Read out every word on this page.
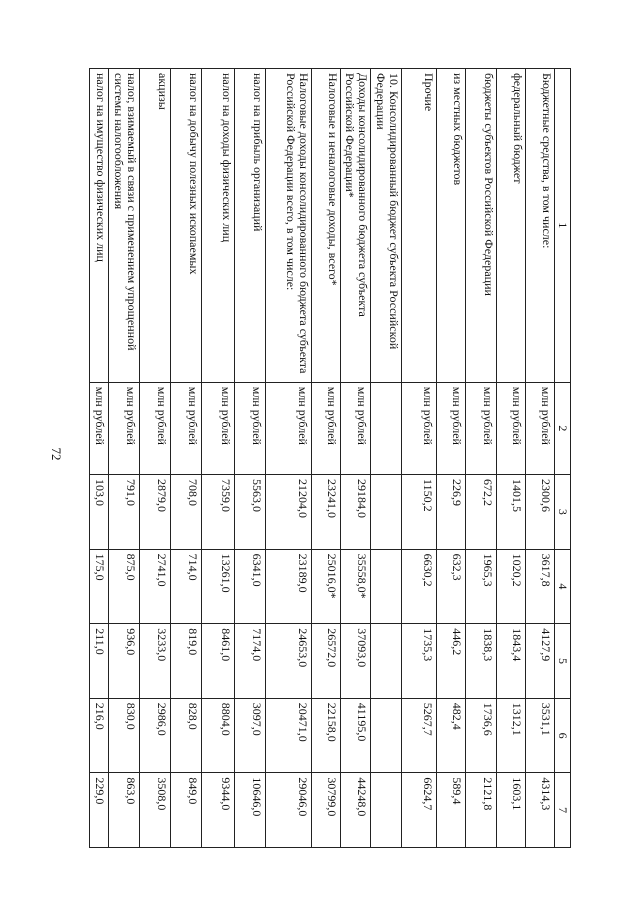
72
1	2	3	4	5	6	7
Бюджетные средства, в том числе:	млн рублей	2300,6	3617,8	4127,9	3531,1	4314,3
федеральный бюджет	млн рублей	1401,5	1020,2	1843,4	1312,1	1603,1
бюджеты субъектов Российской Федерации	млн рублей	672,2	1965,3	1838,3	1736,6	2121,8
из местных бюджетов	млн рублей	226,9	632,3	446,2	482,4	589,4
Прочие	млн рублей	1150,2	6630,2	1735,3	5267,7	6624,7
10. Консолидированный бюджет субъекта Российской Федерации						
Доходы консолидированного бюджета субъекта Российской Федерации*	млн рублей	29184,0	35558,0*	37093,0	41195,0	44248,0
Налоговые и неналоговые доходы, всего*	млн рублей	23241,0	25016,0*	26572,0	22158,0	30799,0
Налоговые доходы консолидированного бюджета субъекта Российской Федерации всего, в том числе:	млн рублей	21204,0	23189,0	24653,0	20471,0	29046,0
налог на прибыль организаций	млн рублей	5563,0	6341,0	7174,0	3097,0	10646,0
налог на доходы физических лиц	млн рублей	7359,0	13261,0	8461,0	8804,0	9344,0
налог на добычу полезных ископаемых	млн рублей	708,0	714,0	819,0	828,0	849,0
акцизы	млн рублей	2879,0	2741,0	3233,0	2986,0	3508,0
налог, взимаемый в связи с применением упрощенной системы налогообложения	млн рублей	791,0	875,0	936,0	830,0	863,0
налог на имущество физических лиц	млн рублей	103,0	175,0	211,0	216,0	229,0
